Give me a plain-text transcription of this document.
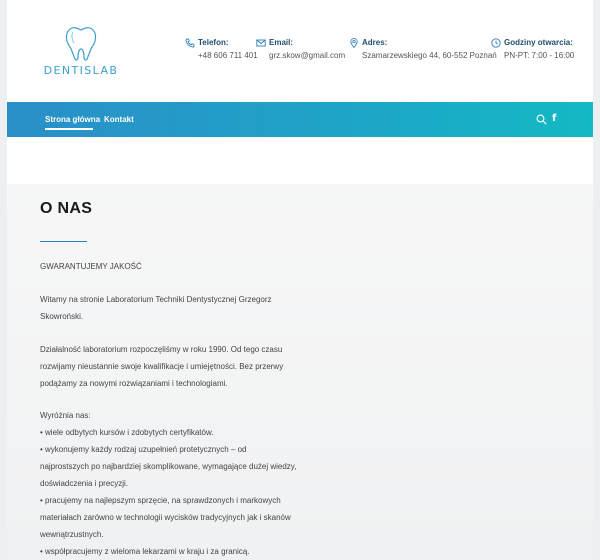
DENTISLAB
Telefon:
+48 606 711 401
Email:
grz.skow@gmail.com
Adres:
Szamarzewskiego 44, 60-552 Poznań
Godziny otwarcia:
PN-PT: 7:00 - 16:00
Strona główna Kontakt	f
O NAS
GWARANTUJEMY JAKOŚĆ
Witamy na stronie Laboratorium Techniki Dentystycznej Grzegorz
Skowroński.
Działalność laboratorium rozpoczęliśmy w roku 1990. Od tego czasu
rozwijamy nieustannie swoje kwalifikacje i umiejętności. Bez przerwy
podążamy za nowymi rozwiązaniami i technologiami.
Wyróżnia nas:
• wiele odbytych kursów i zdobytych certyfikatów.
• wykonujemy każdy rodzaj uzupełnień protetycznych – od
najprostszych po najbardziej skomplikowane, wymagające dużej wiedzy,
doświadczenia i precyzji.
• pracujemy na najlepszym sprzęcie, na sprawdzonych i markowych
materiałach zarówno w technologii wycisków tradycyjnych jak i skanów
wewnątrzustnych.
• współpracujemy z wieloma lekarzami w kraju i za granicą.
